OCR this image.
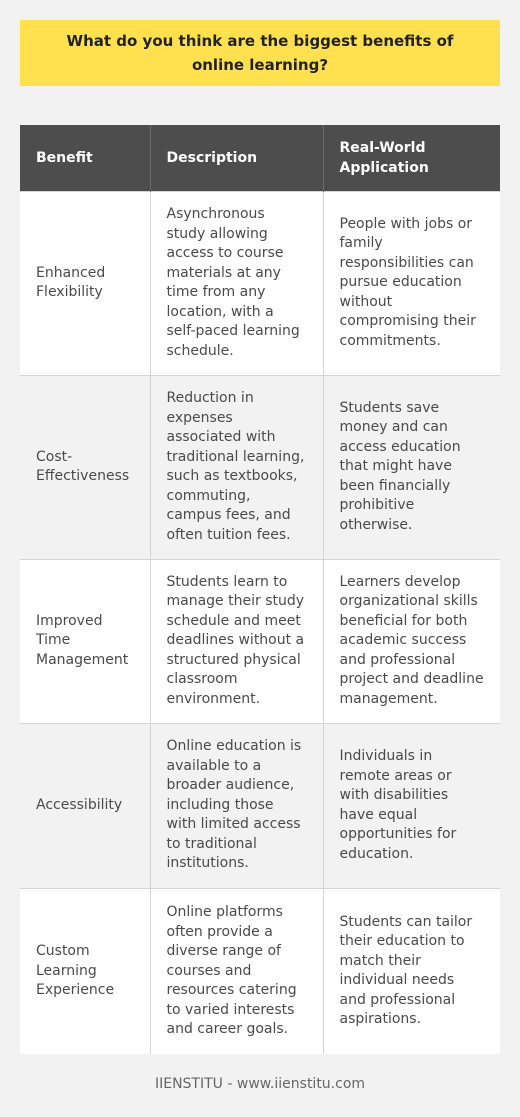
What do you think are the biggest benefits of online learning?
Benefit	Description	Real-World Application
Enhanced Flexibility	Asynchronous study allowing access to course materials at any time from any location, with a self-paced learning schedule.	People with jobs or family responsibilities can pursue education without compromising their commitments.
Cost-Effectiveness	Reduction in expenses associated with traditional learning, such as textbooks, commuting, campus fees, and often tuition fees.	Students save money and can access education that might have been financially prohibitive otherwise.
Improved Time Management	Students learn to manage their study schedule and meet deadlines without a structured physical classroom environment.	Learners develop organizational skills beneficial for both academic success and professional project and deadline management.
Accessibility	Online education is available to a broader audience, including those with limited access to traditional institutions.	Individuals in remote areas or with disabilities have equal opportunities for education.
Custom Learning Experience	Online platforms often provide a diverse range of courses and resources catering to varied interests and career goals.	Students can tailor their education to match their individual needs and professional aspirations.
IIENSTITU - www.iienstitu.com
